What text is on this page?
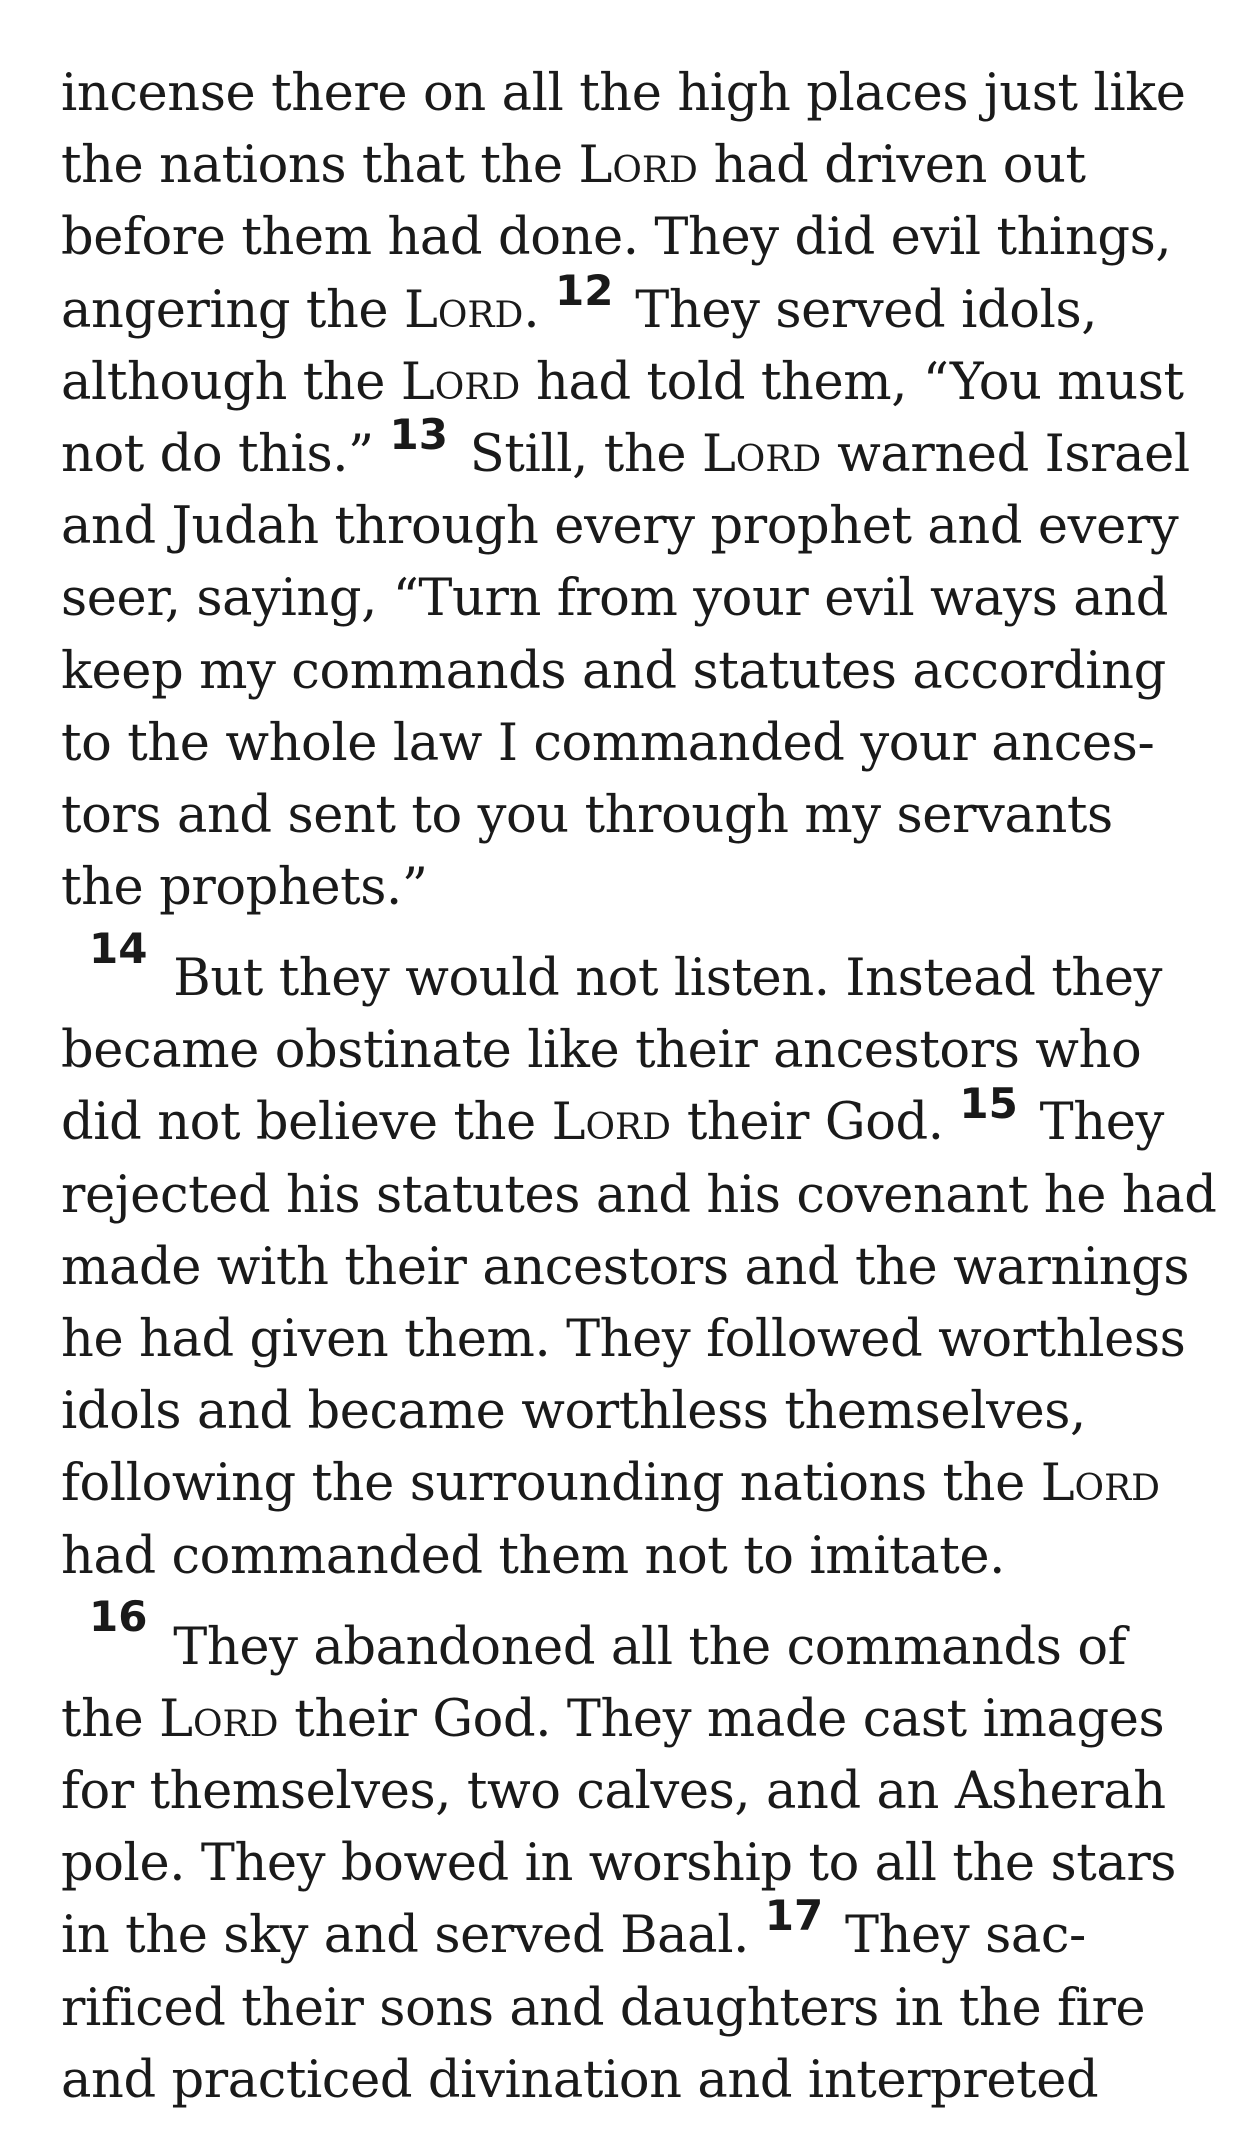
incense there on all the high places just like
the nations that the Lord had driven out
before them had done. They did evil things,
angering the Lord. $^{12}$ They served idols,
although the Lord had told them, “You must
not do this.” $^{13}$ Still, the Lord warned Israel
and Judah through every prophet and every
seer, saying, “Turn from your evil ways and
keep my commands and statutes according
to the whole law I commanded your ances-
tors and sent to you through my servants
the prophets.”
$^{14}$ But they would not listen. Instead they
became obstinate like their ancestors who
did not believe the Lord their God. $^{15}$ They
rejected his statutes and his covenant he had
made with their ancestors and the warnings
he had given them. They followed worthless
idols and became worthless themselves,
following the surrounding nations the Lord
had commanded them not to imitate.
$^{16}$ They abandoned all the commands of
the Lord their God. They made cast images
for themselves, two calves, and an Asherah
pole. They bowed in worship to all the stars
in the sky and served Baal. $^{17}$ They sac-
rificed their sons and daughters in the fire
and practiced divination and interpreted
